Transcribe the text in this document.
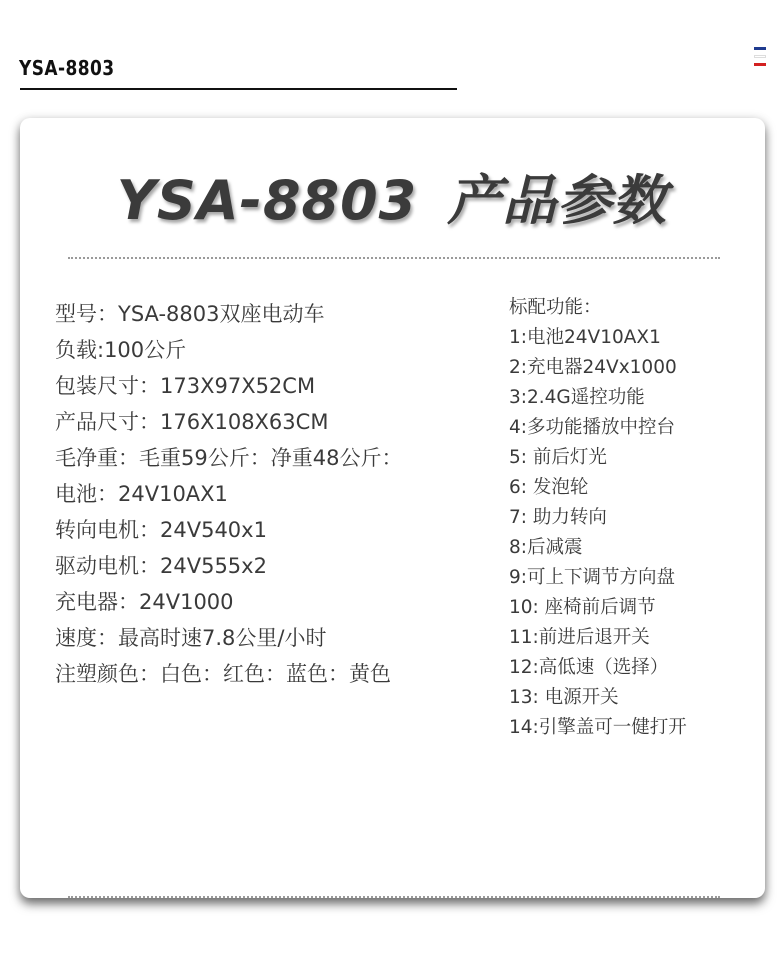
YSA-8803
YSA-8803 产品参数
型号：YSA-8803双座电动车
负载:100公斤
包装尺寸：173X97X52CM
产品尺寸：176X108X63CM
毛净重：毛重59公斤：净重48公斤：
电池：24V10AX1
转向电机：24V540x1
驱动电机：24V555x2
充电器：24V1000
速度：最高时速7.8公里/小时
注塑颜色：白色：红色：蓝色：黄色
标配功能：
1:电池24V10AX1
2:充电器24Vx1000
3:2.4G遥控功能
4:多功能播放中控台
5: 前后灯光
6: 发泡轮
7: 助力转向
8:后减震
9:可上下调节方向盘
10: 座椅前后调节
11:前进后退开关
12:高低速（选择）
13: 电源开关
14:引擎盖可一健打开
